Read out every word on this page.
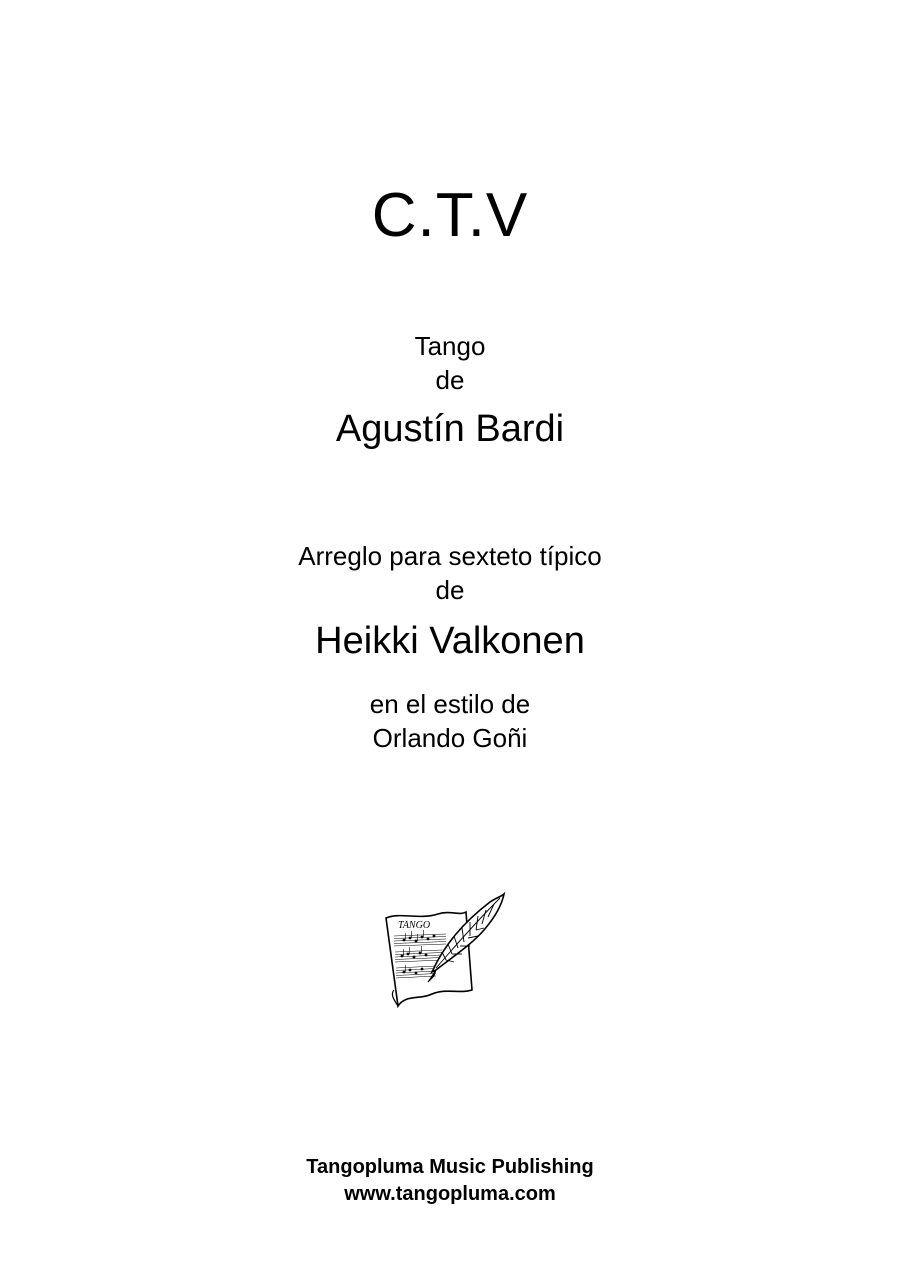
C.T.V
Tango
de
Agustín Bardi
Arreglo para sexteto típico
de
Heikki Valkonen
en el estilo de
Orlando Goñi
TANGO
Tangopluma Music Publishing
www.tangopluma.com
